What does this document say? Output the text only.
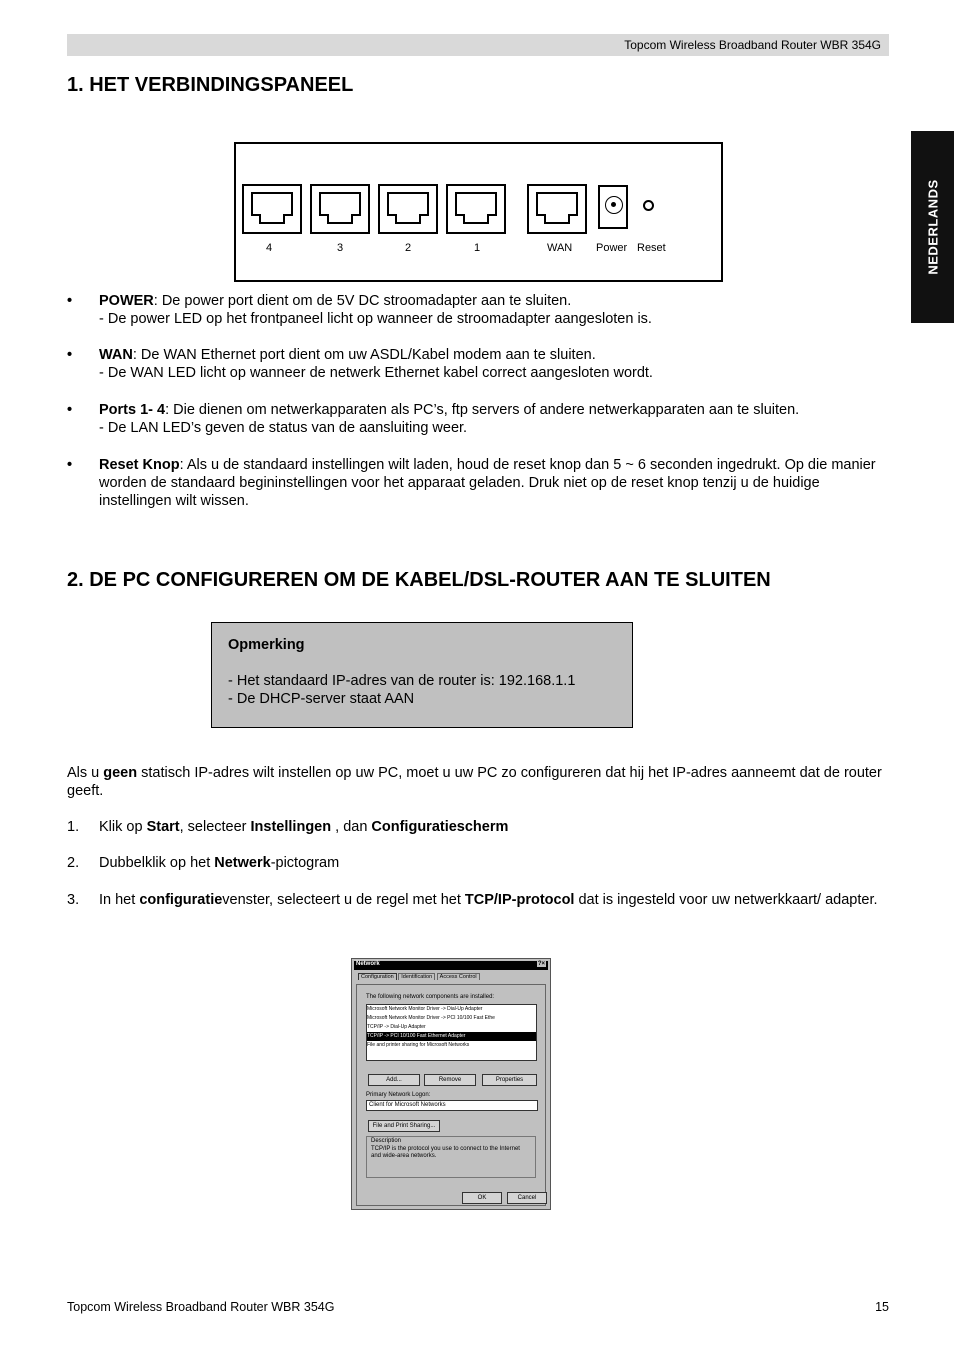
Topcom Wireless Broadband Router WBR 354G
NEDERLANDS
1. HET VERBINDINGSPANEEL
4	3	2	1	WAN Power Reset
• POWER: De power port dient om de 5V DC stroomadapter aan te sluiten.
- De power LED op het frontpaneel licht op wanneer de stroomadapter aangesloten is.
• WAN: De WAN Ethernet port dient om uw ASDL/Kabel modem aan te sluiten.
- De WAN LED licht op wanneer de netwerk Ethernet kabel correct aangesloten wordt.
• Ports 1- 4: Die dienen om netwerkapparaten als PC’s, ftp servers of andere netwerkapparaten aan te sluiten.
- De LAN LED’s geven de status van de aansluiting weer.
• Reset Knop: Als u de standaard instellingen wilt laden, houd de reset knop dan 5 ~ 6 seconden ingedrukt. Op die manier worden de standaard begininstellingen voor het apparaat geladen. Druk niet op de reset knop tenzij u de huidige instellingen wilt wissen.
2. DE PC CONFIGUREREN OM DE KABEL/DSL-ROUTER AAN TE SLUITEN
Opmerking
- Het standaard IP-adres van de router is: 192.168.1.1
- De DHCP-server staat AAN
Als u geen statisch IP-adres wilt instellen op uw PC, moet u uw PC zo configureren dat hij het IP-adres aanneemt dat de router geeft.
1. Klik op Start, selecteer Instellingen , dan Configuratiescherm
2. Dubbelklik op het Netwerk-pictogram
3. In het configuratievenster, selecteert u de regel met het TCP/IP-protocol dat is ingesteld voor uw netwerkkaart/ adapter.
Network	?×
Configuration Identification Access Control
The following network components are installed:
Microsoft Network Monitor Driver -> Dial-Up Adapter
Microsoft Network Monitor Driver -> PCI 10/100 Fast Ethe
TCP/IP -> Dial-Up Adapter
TCP/IP -> PCI 10/100 Fast Ethernet Adapter
File and printer sharing for Microsoft Networks
Add...	Remove	Properties
Primary Network Logon:
Client for Microsoft Networks
File and Print Sharing...
Description
TCP/IP is the protocol you use to connect to the Internet and wide-area networks.
OK	Cancel
Topcom Wireless Broadband Router WBR 354G	15
